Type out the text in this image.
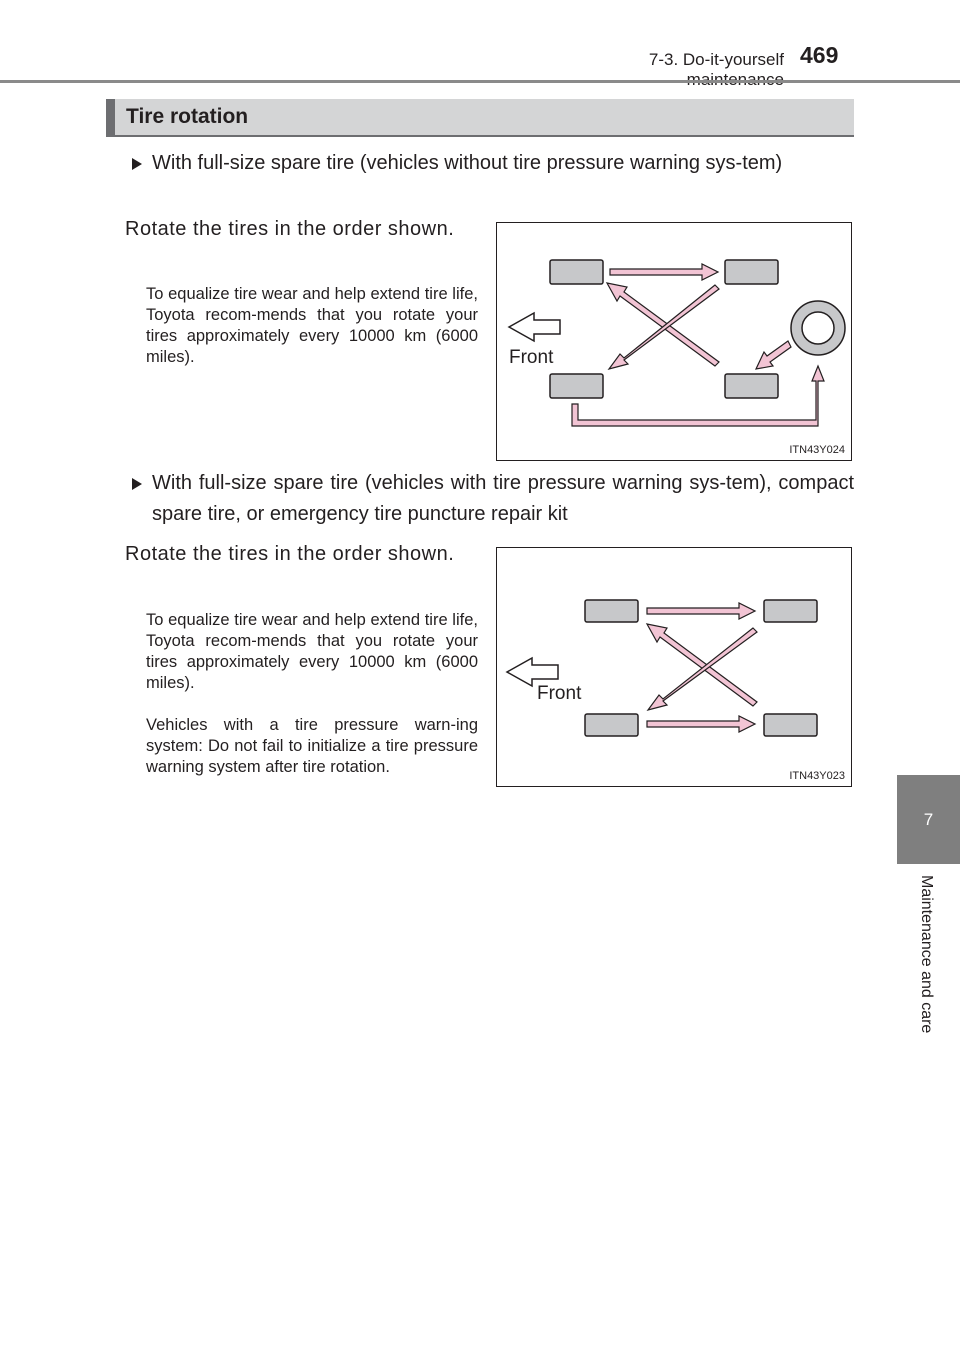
7-3. Do-it-yourself 469
7
Maintenance and care
Tire rotation
With full-size spare tire (vehicles without tire pressure warning sys-tem)
Rotate the tires in the order shown.
To equalize tire wear and help extend tire life, Toyota recom-mends that you rotate your tires approximately every 10000 km (6000 miles).	Front
ITN43Y024
With full-size spare tire (vehicles with tire pressure warning sys-tem), compact spare tire, or emergency tire puncture repair kit
Rotate the tires in the order shown.
To equalize tire wear and help extend tire life, Toyota recom-mends that you rotate your tires approximately every 10000 km (6000 miles).
Vehicles with a tire pressure warn-ing system: Do not fail to initialize a tire pressure warning system after tire rotation.
Front
ITN43Y023
